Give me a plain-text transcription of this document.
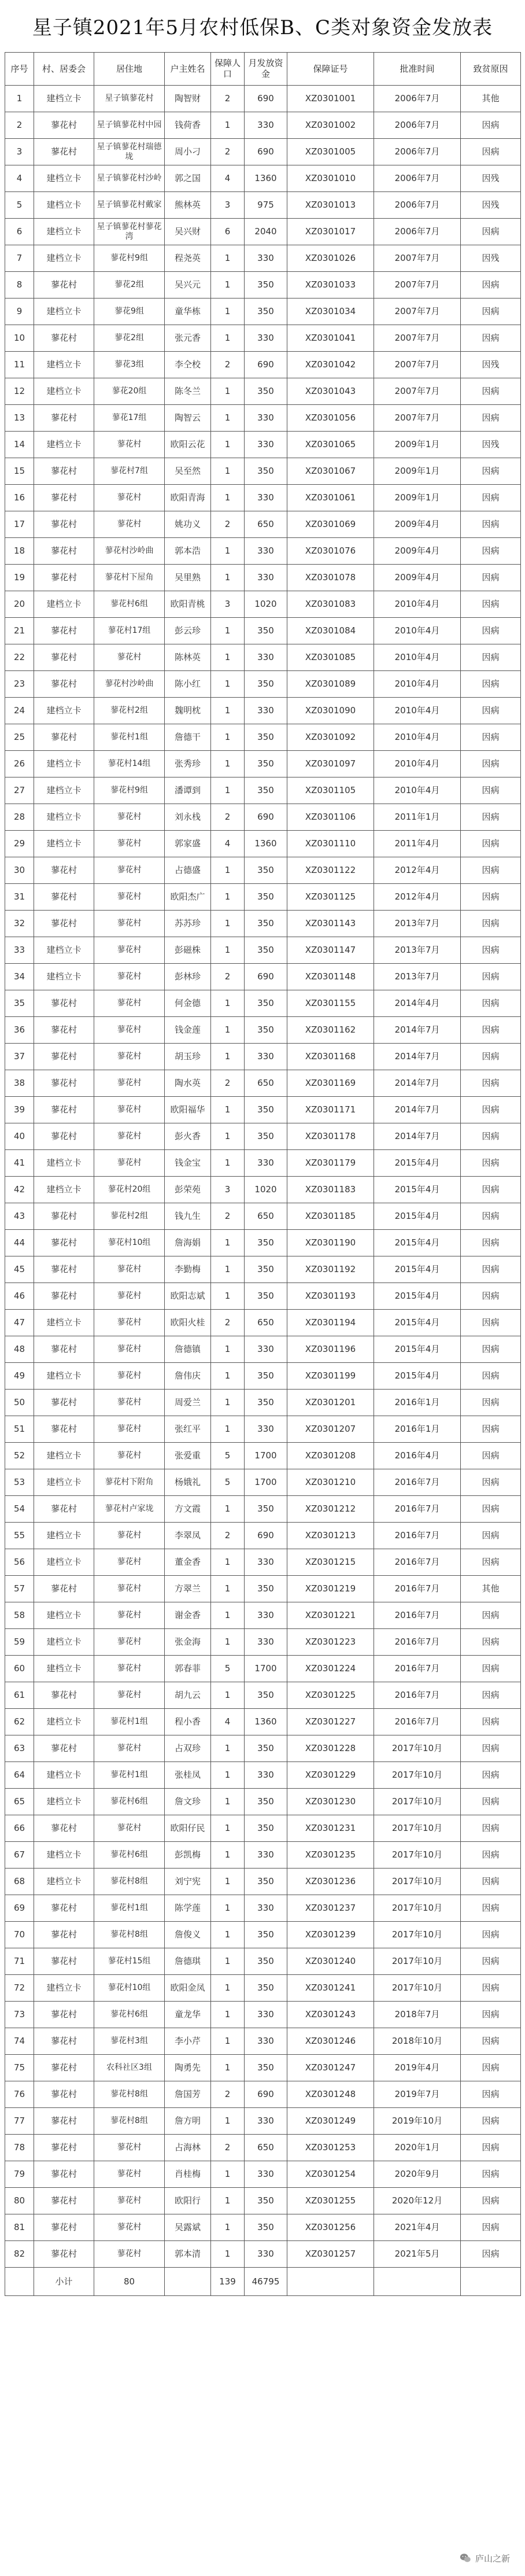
星子镇2021年5月农村低保B、C类对象资金发放表
序号	村、居委会	居住地	户主姓名	保障人口	月发放资金	保障证号	批准时间	致贫原因
1	建档立卡	星子镇蓼花村	陶智财	2	690	XZ0301001	2006年7月	其他
2	蓼花村	星子镇蓼花村中园	钱荷香	1	330	XZ0301002	2006年7月	因病
3	蓼花村	星子镇蓼花村瑞德垅	周小刁	2	690	XZ0301005	2006年7月	因病
4	建档立卡	星子镇蓼花村沙岭	郭之国	4	1360	XZ0301010	2006年7月	因残
5	建档立卡	星子镇蓼花村戴家	熊林英	3	975	XZ0301013	2006年7月	因残
6	建档立卡	星子镇蓼花村蓼花湾	吴兴财	6	2040	XZ0301017	2006年7月	因病
7	建档立卡	蓼花村9组	程尧英	1	330	XZ0301026	2007年7月	因残
8	蓼花村	蓼花2组	吴兴元	1	350	XZ0301033	2007年7月	因病
9	建档立卡	蓼花9组	童华栋	1	350	XZ0301034	2007年7月	因病
10	蓼花村	蓼花2组	张元香	1	330	XZ0301041	2007年7月	因病
11	建档立卡	蓼花3组	李仝校	2	690	XZ0301042	2007年7月	因残
12	建档立卡	蓼花20组	陈冬兰	1	350	XZ0301043	2007年7月	因病
13	蓼花村	蓼花17组	陶智云	1	330	XZ0301056	2007年7月	因病
14	建档立卡	蓼花村	欧阳云花	1	330	XZ0301065	2009年1月	因残
15	蓼花村	蓼花村7组	吴至然	1	350	XZ0301067	2009年1月	因病
16	蓼花村	蓼花村	欧阳青海	1	330	XZ0301061	2009年1月	因病
17	蓼花村	蓼花村	姚功义	2	650	XZ0301069	2009年4月	因病
18	蓼花村	蓼花村沙岭曲	郭本浩	1	330	XZ0301076	2009年4月	因病
19	蓼花村	蓼花村下屋角	吴里熟	1	330	XZ0301078	2009年4月	因病
20	建档立卡	蓼花村6组	欧阳青桃	3	1020	XZ0301083	2010年4月	因病
21	蓼花村	蓼花村17组	彭云珍	1	350	XZ0301084	2010年4月	因病
22	蓼花村	蓼花村	陈林英	1	330	XZ0301085	2010年4月	因病
23	蓼花村	蓼花村沙岭曲	陈小红	1	350	XZ0301089	2010年4月	因病
24	建档立卡	蓼花村2组	魏明枕	1	330	XZ0301090	2010年4月	因病
25	蓼花村	蓼花村1组	詹德干	1	350	XZ0301092	2010年4月	因病
26	建档立卡	蓼花村14组	张秀珍	1	350	XZ0301097	2010年4月	因病
27	建档立卡	蓼花村9组	潘谭到	1	350	XZ0301105	2010年4月	因病
28	建档立卡	蓼花村	刘永栈	2	690	XZ0301106	2011年1月	因病
29	建档立卡	蓼花村	郭家盛	4	1360	XZ0301110	2011年4月	因病
30	蓼花村	蓼花村	占德盛	1	350	XZ0301122	2012年4月	因病
31	蓼花村	蓼花村	欧阳杰广	1	350	XZ0301125	2012年4月	因病
32	蓼花村	蓼花村	苏苏珍	1	350	XZ0301143	2013年7月	因病
33	建档立卡	蓼花村	彭磁株	1	350	XZ0301147	2013年7月	因病
34	建档立卡	蓼花村	彭林珍	2	690	XZ0301148	2013年7月	因病
35	蓼花村	蓼花村	何金德	1	350	XZ0301155	2014年4月	因病
36	蓼花村	蓼花村	钱金莲	1	350	XZ0301162	2014年7月	因病
37	蓼花村	蓼花村	胡玉珍	1	330	XZ0301168	2014年7月	因病
38	蓼花村	蓼花村	陶水英	2	650	XZ0301169	2014年7月	因病
39	蓼花村	蓼花村	欧阳福华	1	350	XZ0301171	2014年7月	因病
40	蓼花村	蓼花村	彭火香	1	350	XZ0301178	2014年7月	因病
41	建档立卡	蓼花村	钱金宝	1	330	XZ0301179	2015年4月	因病
42	建档立卡	蓼花村20组	彭荣苑	3	1020	XZ0301183	2015年4月	因病
43	蓼花村	蓼花村2组	钱九生	2	650	XZ0301185	2015年4月	因病
44	蓼花村	蓼花村10组	詹海娟	1	350	XZ0301190	2015年4月	因病
45	蓼花村	蓼花村	李勤梅	1	350	XZ0301192	2015年4月	因病
46	蓼花村	蓼花村	欧阳志斌	1	350	XZ0301193	2015年4月	因病
47	建档立卡	蓼花村	欧阳火桂	2	650	XZ0301194	2015年4月	因病
48	蓼花村	蓼花村	詹德镇	1	330	XZ0301196	2015年4月	因病
49	建档立卡	蓼花村	詹伟庆	1	350	XZ0301199	2015年4月	因病
50	蓼花村	蓼花村	周爱兰	1	350	XZ0301201	2016年1月	因病
51	蓼花村	蓼花村	张红平	1	330	XZ0301207	2016年1月	因病
52	建档立卡	蓼花村	张爱重	5	1700	XZ0301208	2016年4月	因病
53	建档立卡	蓼花村下附角	杨娥礼	5	1700	XZ0301210	2016年7月	因病
54	蓼花村	蓼花村卢家垅	方文霞	1	350	XZ0301212	2016年7月	因病
55	建档立卡	蓼花村	李翠凤	2	690	XZ0301213	2016年7月	因病
56	建档立卡	蓼花村	董金香	1	330	XZ0301215	2016年7月	因病
57	蓼花村	蓼花村	方翠兰	1	350	XZ0301219	2016年7月	其他
58	建档立卡	蓼花村	谢金香	1	330	XZ0301221	2016年7月	因病
59	建档立卡	蓼花村	张金海	1	330	XZ0301223	2016年7月	因病
60	建档立卡	蓼花村	郭春菲	5	1700	XZ0301224	2016年7月	因病
61	蓼花村	蓼花村	胡九云	1	350	XZ0301225	2016年7月	因病
62	建档立卡	蓼花村1组	程小香	4	1360	XZ0301227	2016年7月	因病
63	蓼花村	蓼花村	占双珍	1	350	XZ0301228	2017年10月	因病
64	建档立卡	蓼花村1组	张桂凤	1	330	XZ0301229	2017年10月	因病
65	建档立卡	蓼花村6组	詹文珍	1	350	XZ0301230	2017年10月	因病
66	蓼花村	蓼花村	欧阳仔民	1	350	XZ0301231	2017年10月	因病
67	建档立卡	蓼花村6组	彭凯梅	1	330	XZ0301235	2017年10月	因病
68	建档立卡	蓼花村8组	刘宁宪	1	350	XZ0301236	2017年10月	因病
69	蓼花村	蓼花村1组	陈学莲	1	330	XZ0301237	2017年10月	因病
70	蓼花村	蓼花村8组	詹俊义	1	350	XZ0301239	2017年10月	因病
71	蓼花村	蓼花村15组	詹德琪	1	350	XZ0301240	2017年10月	因病
72	建档立卡	蓼花村10组	欧阳金凤	1	350	XZ0301241	2017年10月	因病
73	蓼花村	蓼花村6组	童龙华	1	330	XZ0301243	2018年7月	因病
74	蓼花村	蓼花村3组	李小芹	1	330	XZ0301246	2018年10月	因病
75	蓼花村	农科社区3组	陶勇先	1	350	XZ0301247	2019年4月	因病
76	蓼花村	蓼花村8组	詹国芳	2	690	XZ0301248	2019年7月	因病
77	蓼花村	蓼花村8组	詹方明	1	330	XZ0301249	2019年10月	因病
78	蓼花村	蓼花村	占海林	2	650	XZ0301253	2020年1月	因病
79	蓼花村	蓼花村	肖桂梅	1	330	XZ0301254	2020年9月	因病
80	蓼花村	蓼花村	欧阳行	1	350	XZ0301255	2020年12月	因病
81	蓼花村	蓼花村	吴露斌	1	350	XZ0301256	2021年4月	因病
82	蓼花村	蓼花村	郭本清	1	330	XZ0301257	2021年5月	因病
	小计	80		139	46795			
庐山之新
